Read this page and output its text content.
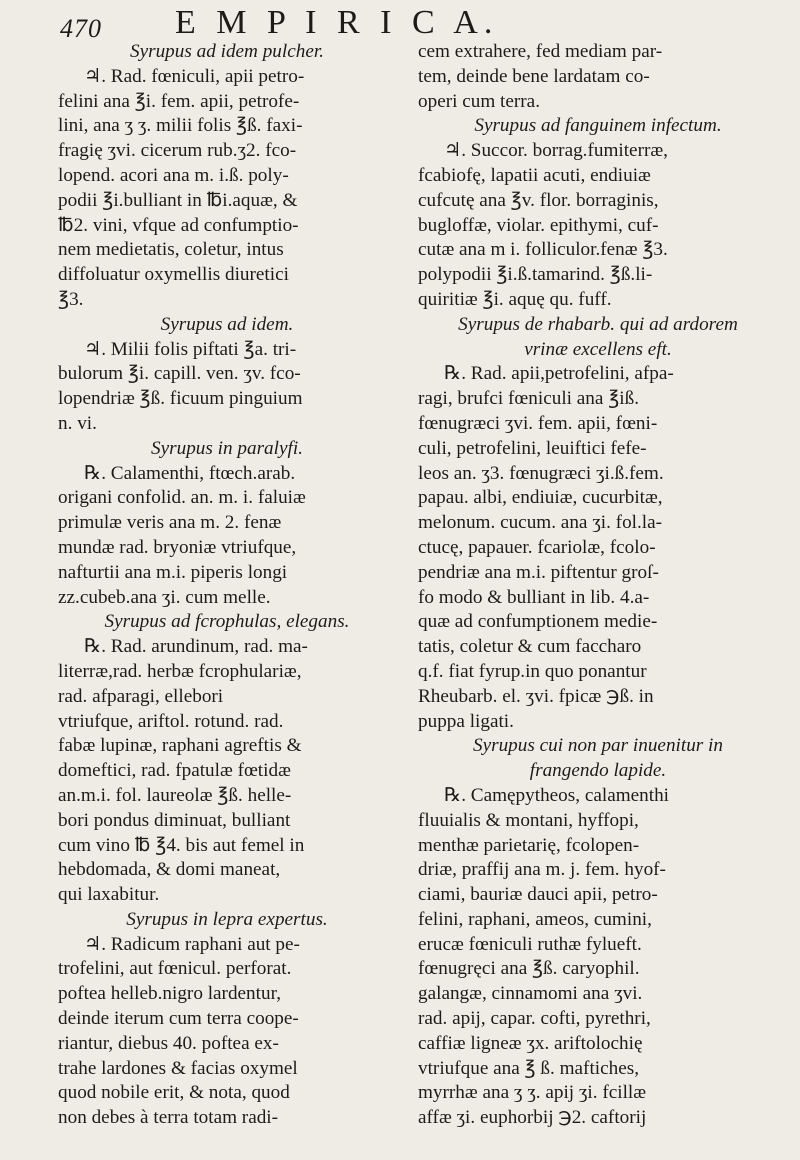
470 E M P I R I C A.
Syrupus ad idem pulcher.
♃. Rad. fœniculi, apii petro-
felini ana ℥i. fem. apii, petrofe-
lini, ana ʒ ʒ. milii folis ℥ß. faxi-
fragię ʒvi. cicerum rub.ʒ2. fco-
lopend. acori ana m. i.ß. poly-
podii ℥i.bulliant in ℔i.aquæ, &
℔2. vini, vfque ad confumptio-
nem medietatis, coletur, intus
diffoluatur oxymellis diuretici
℥3.
Syrupus ad idem.
♃. Milii folis piftati ℥a. tri-
bulorum ℥i. capill. ven. ʒv. fco-
lopendriæ ℥ß. ficuum pinguium
n. vi.
Syrupus in paralyfi.
℞. Calamenthi, ftœch.arab.
origani confolid. an. m. i. faluiæ
primulæ veris ana m. 2. fenæ
mundæ rad. bryoniæ vtriufque,
nafturtii ana m.i. piperis longi
zz.cubeb.ana ʒi. cum melle.
Syrupus ad fcrophulas, elegans.
℞. Rad. arundinum, rad. ma-
literræ,rad. herbæ fcrophulariæ,
rad. afparagi, ellebori
vtriufque, ariftol. rotund. rad.
fabæ lupinæ, raphani agreftis &
domeftici, rad. fpatulæ fœtidæ
an.m.i. fol. laureolæ ℥ß. helle-
bori pondus diminuat, bulliant
cum vino ℔ ℥4. bis aut femel in
hebdomada, & domi maneat,
qui laxabitur.
Syrupus in lepra expertus.
♃. Radicum raphani aut pe-
trofelini, aut fœnicul. perforat.
poftea helleb.nigro lardentur,
deinde iterum cum terra coope-
riantur, diebus 40. poftea ex-
trahe lardones & facias oxymel
quod nobile erit, & nota, quod
non debes à terra totam radi-
cem extrahere, fed mediam par-
tem, deinde bene lardatam co-
operi cum terra.
Syrupus ad fanguinem infectum.
♃. Succor. borrag.fumiterræ,
fcabiofę, lapatii acuti, endiuiæ
cufcutę ana ℥v. flor. borraginis,
bugloffæ, violar. epithymi, cuf-
cutæ ana m i. folliculor.fenæ ℥3.
polypodii ℥i.ß.tamarind. ℥ß.li-
quiritiæ ℥i. aquę qu. fuff.
Syrupus de rhabarb. qui ad ardorem
vrinæ excellens eft.
℞. Rad. apii,petrofelini, afpa-
ragi, brufci fœniculi ana ℥iß.
fœnugræci ʒvi. fem. apii, fœni-
culi, petrofelini, leuiftici fefe-
leos an. ʒ3. fœnugræci ʒi.ß.fem.
papau. albi, endiuiæ, cucurbitæ,
melonum. cucum. ana ʒi. fol.la-
ctucę, papauer. fcariolæ, fcolo-
pendriæ ana m.i. piftentur groſ-
fo modo & bulliant in lib. 4.a-
quæ ad confumptionem medie-
tatis, coletur & cum faccharo
q.f. fiat fyrup.in quo ponantur
Rheubarb. el. ʒvi. fpicæ ℈ß. in
puppa ligati.
Syrupus cui non par inuenitur in
frangendo lapide.
℞. Camępytheos, calamenthi
fluuialis & montani, hyffopi,
menthæ parietarię, fcolopen-
driæ, praffij ana m. j. fem. hyof-
ciami, bauriæ dauci apii, petro-
felini, raphani, ameos, cumini,
erucæ fœniculi ruthæ fylueft.
fœnugręci ana ℥ß. caryophil.
galangæ, cinnamomi ana ʒvi.
rad. apij, capar. cofti, pyrethri,
caffiæ ligneæ ʒx. ariftolochię
vtriufque ana ℥ ß. maftiches,
myrrhæ ana ʒ ʒ. apij ʒi. fcillæ
affæ ʒi. euphorbij ℈2. caftorij
